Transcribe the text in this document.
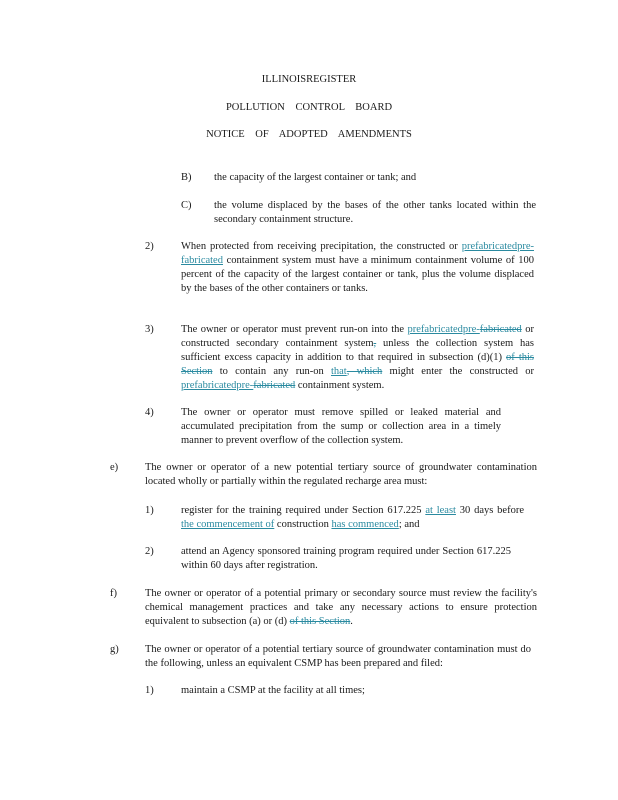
ILLINOISREGISTER
POLLUTION CONTROL BOARD
NOTICE OF ADOPTED AMENDMENTS
B) the capacity of the largest container or tank; and
C) the volume displaced by the bases of the other tanks located within the secondary containment structure.
2)	When protected from receiving precipitation, the constructed or prefabricatedpre-fabricated containment system must have a minimum containment volume of 100 percent of the capacity of the largest container or tank, plus the volume displaced by the bases of the other containers or tanks.
3)	The owner or operator must prevent run-on into the prefabricatedpre-fabricated or constructed secondary containment system, unless the collection system has sufficient excess capacity in addition to that required in subsection (d)(1) of this Section to contain any run-on that, which might enter the constructed or prefabricatedpre-fabricated containment system.
4)	The owner or operator must remove spilled or leaked material and accumulated precipitation from the sump or collection area in a timely manner to prevent overflow of the collection system.
e)	The owner or operator of a new potential tertiary source of groundwater contamination located wholly or partially within the regulated recharge area must:
1)	register for the training required under Section 617.225 at least 30 days before the commencement of construction has commenced; and
2)	attend an Agency sponsored training program required under Section 617.225 within 60 days after registration.
f)	The owner or operator of a potential primary or secondary source must review the facility's chemical management practices and take any necessary actions to ensure protection equivalent to subsection (a) or (d) of this Section.
g)	The owner or operator of a potential tertiary source of groundwater contamination must do the following, unless an equivalent CSMP has been prepared and filed:
1)	maintain a CSMP at the facility at all times;
